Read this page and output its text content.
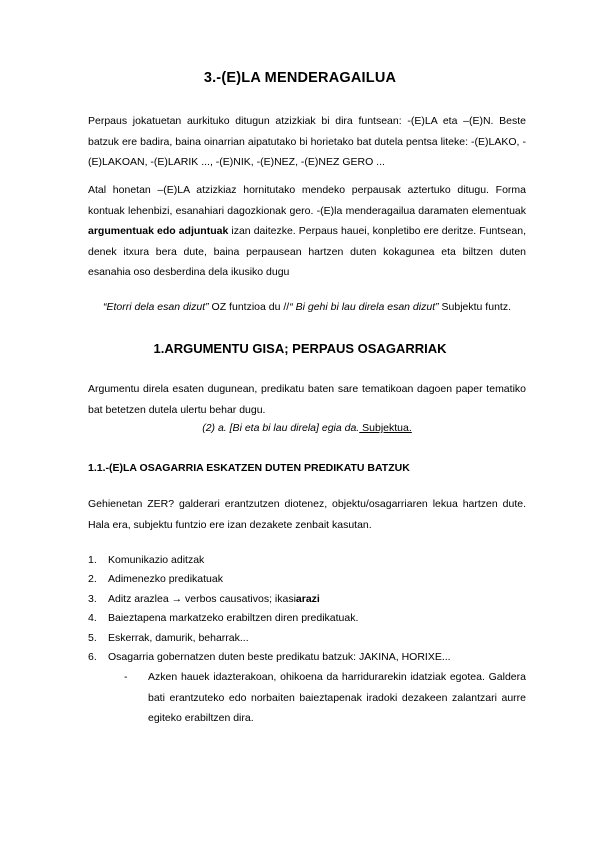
3.-(E)LA MENDERAGAILUA

Perpaus jokatuetan aurkituko ditugun atzizkiak bi dira funtsean: -(E)LA eta –(E)N. Beste batzuk ere badira, baina oinarrian aipatutako bi horietako bat dutela pentsa liteke: -(E)LAKO, -(E)LAKOAN, -(E)LARIK ..., -(E)NIK, -(E)NEZ, -(E)NEZ GERO ...

Atal honetan –(E)LA atzizkiaz hornitutako mendeko perpausak aztertuko ditugu. Forma kontuak lehenbizi, esanahiari dagozkionak gero. -(E)la menderagailua daramaten elementuak argumentuak edo adjuntuak izan daitezke. Perpaus hauei, konpletibo ere deritze. Funtsean, denek itxura bera dute, baina perpausean hartzen duten kokagunea eta biltzen duten esanahia oso desberdina dela ikusiko dugu

“Etorri dela esan dizut” OZ funtzioa du //“ Bi gehi bi lau direla esan dizut” Subjektu funtz.

1.ARGUMENTU GISA; PERPAUS OSAGARRIAK

Argumentu direla esaten dugunean, predikatu baten sare tematikoan dagoen paper tematiko bat betetzen dutela ulertu behar dugu.

(2) a. [Bi eta bi lau direla] egia da. Subjektua.

1.1.-(E)LA OSAGARRIA ESKATZEN DUTEN PREDIKATU BATZUK

Gehienetan ZER? galderari erantzutzen diotenez, objektu/osagarriaren lekua hartzen dute. Hala era, subjektu funtzio ere izan dezakete zenbait kasutan.

1.	Komunikazio aditzak
2.	Adimenezko predikatuak
3.	Aditz arazlea → verbos causativos; ikasiarazi
4.	Baieztapena markatzeko erabiltzen diren predikatuak.
5.	Eskerrak, damurik, beharrak...
6.	Osagarria gobernatzen duten beste predikatu batzuk: JAKINA, HORIXE...
- Azken hauek idazterakoan, ohikoena da harridurarekin idatziak egotea. Galdera bati erantzuteko edo norbaiten baieztapenak iradoki dezakeen zalantzari aurre egiteko erabiltzen dira.
